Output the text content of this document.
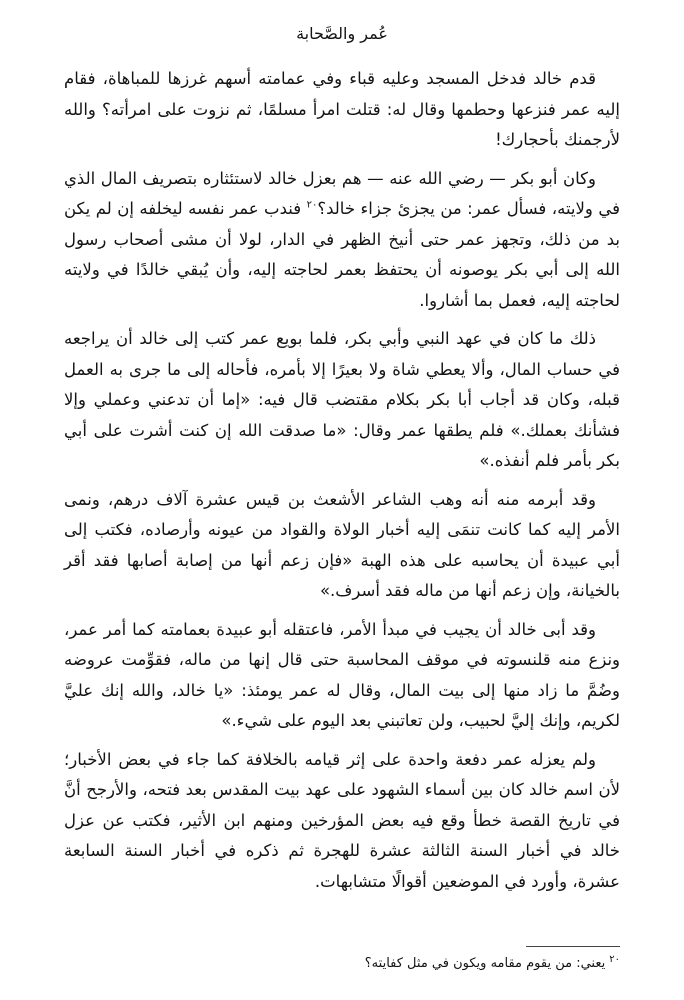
عُمر والصَّحابة

قدم خالد فدخل المسجد وعليه قباء وفي عمامته أسهم غرزها للمباهاة، فقام إليه عمر فنزعها وحطمها وقال له: قتلت امرأ مسلمًا، ثم نزوت على امرأته؟ والله لأرجمنك بأحجارك!

وكان أبو بكر — رضي الله عنه — هم بعزل خالد لاستئثاره بتصريف المال الذي في ولايته، فسأل عمر: من يجزئ جزاء خالد؟$^{٢٠}$ فندب عمر نفسه ليخلفه إن لم يكن بد من ذلك، وتجهز عمر حتى أنيخ الظهر في الدار، لولا أن مشى أصحاب رسول الله إلى أبي بكر يوصونه أن يحتفظ بعمر لحاجته إليه، وأن يُبقي خالدًا في ولايته لحاجته إليه، فعمل بما أشاروا.

ذلك ما كان في عهد النبي وأبي بكر، فلما بويع عمر كتب إلى خالد أن يراجعه في حساب المال، وألا يعطي شاة ولا بعيرًا إلا بأمره، فأحاله إلى ما جرى به العمل قبله، وكان قد أجاب أبا بكر بكلام مقتضب قال فيه: «إما أن تدعني وعملي وإلا فشأنك بعملك.» فلم يطقها عمر وقال: «ما صدقت الله إن كنت أشرت على أبي بكر بأمر فلم أنفذه.»

وقد أبرمه منه أنه وهب الشاعر الأشعث بن قيس عشرة آلاف درهم، ونمى الأمر إليه كما كانت تنمَى إليه أخبار الولاة والقواد من عيونه وأرصاده، فكتب إلى أبي عبيدة أن يحاسبه على هذه الهبة «فإن زعم أنها من إصابة أصابها فقد أقر بالخيانة، وإن زعم أنها من ماله فقد أسرف.»

وقد أبى خالد أن يجيب في مبدأ الأمر، فاعتقله أبو عبيدة بعمامته كما أمر عمر، ونزع منه قلنسوته في موقف المحاسبة حتى قال إنها من ماله، فقوِّمت عروضه وضُمَّ ما زاد منها إلى بيت المال، وقال له عمر يومئذ: «يا خالد، والله إنك عليَّ لكريم، وإنك إليَّ لحبيب، ولن تعاتبني بعد اليوم على شيء.»

ولم يعزله عمر دفعة واحدة على إثر قيامه بالخلافة كما جاء في بعض الأخبار؛ لأن اسم خالد كان بين أسماء الشهود على عهد بيت المقدس بعد فتحه، والأرجح أنَّ في تاريخ القصة خطأ وقع فيه بعض المؤرخين ومنهم ابن الأثير، فكتب عن عزل خالد في أخبار السنة الثالثة عشرة للهجرة ثم ذكره في أخبار السنة السابعة عشرة، وأورد في الموضعين أقوالًا متشابهات.

$^{٢٠}$يعني: من يقوم مقامه ويكون في مثل كفايته؟
